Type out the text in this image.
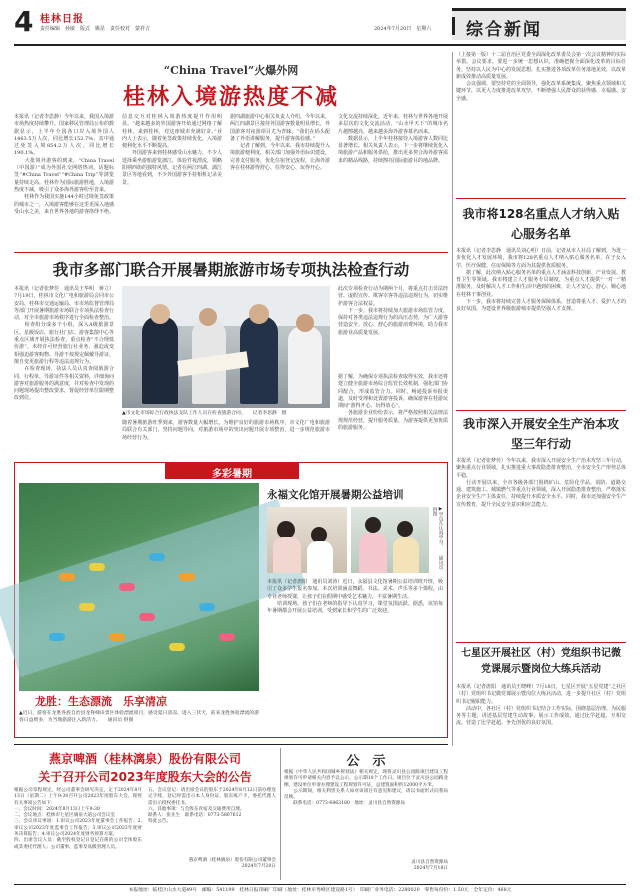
4 桂林日报
责任编辑　孙敏　版式　姚昆　责任校对　蒙祥吉	2024年7月20日　星期六 综合新闻
“China Travel”火爆外网
桂林入境游热度不减
本报讯（记者李思静）今年以来，我国入境游市场热度持续攀升。国家移民管理局公布的数据显示，上半年全国各口岸入境外国人1463.5万人次，同比增长152.7%，其中通过免签入境854.2万人次，同比增长190.1%。
　　大批境外游客的到来，“China Travel（中国游）”成为外国社交网络热词，话题标签“#China Travel”“#China Trip”等浏览量持续走高。桂林作为国际旅游胜地，入境游热度不减，吸引了众多海外游客纷至沓来。
　　桂林作为我国实施144小时过境免签政策的城市之一，入境游客能够在这里更深入地感受山水之美，来自世界各地的游客络绎不绝。
信息交互对桂林入境游热度提升作用明显。“越来越多的外国游客开始通过网络了解桂林、来到桂林，对这座城市充满好奇。”业内人士表示，随着免签政策持续优化，入境游便利化水平不断提高。
　　外国游客来到桂林感受山水魅力，不少人选择乘坐游船游览漓江，体验竹筏漂流，领略阳朔西街的独特风情。记者在两江四湖、漓江景区等地看到，不少外国游客手持相机记录美景。
据四湖旅游中心相关负责人介绍，今年以来，两江四湖景区接待外国游客数量明显增长，外国游客对夜游项目尤为青睐。“我们在码头配备了外语讲解服务，提升游客体验感。”
　　记者了解到，今年以来，我市持续提升入境旅游便利度，相关部门加强外语标识建设，完善支付服务，优化住宿登记流程，让海外游客在桂林游得舒心、住得安心、玩得开心。
文化交流持续深化。近年来，桂林与世界各地开展多层次的文化交流活动，“山水甲天下”的城市名片越擦越亮，越来越多海外游客慕名而来。
　　数据显示，上半年桂林接待入境游客人数同比显著增长。相关负责人表示，下一步将继续优化入境旅游产品和服务供给，推出更多契合海外游客需求的精品线路，持续擦亮国际旅游目的地品牌。
我市多部门联合开展暑期旅游市场专项执法检查行动
本报讯（记者张梦佳　通讯员王华明　蒋立）7月19日，桂林市文化广电和旅游局会同市公安局、桂林市交通运输局、市市场监督管理局等部门开展暑期旅游市场联合专项执法检查行动，对全市旅游市场秩序进行全面检查整治。
　　检查组分成多个小组，深入A级旅游景区、星级饭店、旅行社门店、游客集散中心等重点区域开展执法检查，重点检查“不合理低价游”、未经许可经营旅行社业务、强迫或变相强迫游客购物、导游不按规定佩戴导游证、擅自变更旅游行程等违法违规行为。
　　在检查现场，执法人员认真查阅旅游合同、行程单、导游证件等相关资料，详细询问游客对旅游服务的满意度，并对检查中发现的问题现场提出整改要求，督促经营单位限期整改到位。
▲市文化市场综合行政执法支队工作人员在检查旅游合同。　　记者李思静　摄
随着暑期旅游旺季到来，游客数量大幅增长。为维护良好的旅游市场秩序，市文化广电和旅游局联合有关部门，坚持问题导向，对旅游市场中的突出问题开展专项整治，进一步规范旅游市场经营行为。
此次专项检查行动为期两个月，将重点打击非法经营、虚假宣传、欺客宰客等违法违规行为，切实维护游客合法权益。
　　下一步，我市将持续加大旅游市场监管力度，保持对各类违法违规行为的高压态势，为广大游客营造安全、放心、舒心的旅游消费环境，助力我市旅游业高质量发展。
据了解，为确保专项执法检查取得实效，我市还将建立健全旅游市场综合监管长效机制，强化部门协同配合，形成监管合力。同时，畅通投诉举报渠道，及时受理和处置游客投诉，确保游客在桂游玩期间“游得开心、玩得放心”。
　　各旅游企业纷纷表示，将严格按照相关法律法规规范经营，提升服务质量，为游客提供更加优质的旅游服务。
多彩暑期
龙胜：生态漂流　乐享清凉
▲近日，游客在龙胜各族自治县龙脊梯田景区体验漂流项目，感受夏日清凉。进入三伏天，前来龙胜体验漂流的游客日益增多，为当地旅游注入新活力。　　通讯员 供图
永福文化馆开展暑期公益培训
▶学员在认真学习。　　通讯员 供图
本报讯（记者唐阳　通讯员刘涛）近日，永福县文化馆暑期公益培训班开班，吸引了众多学生报名参加。本次培训涵盖舞蹈、书法、美术、声乐等多个课程，由专业老师授课，让孩子们在假期中感受艺术魅力，丰富暑期生活。
　　培训现场，孩子们在老师的指导下认真学习，课堂氛围活跃。据悉，该馆每年暑期都会开展公益培训，受到家长和学生的广泛欢迎。
（上接第一版）十二届自治区党委全面深化改革委员会第一次会议精神的实际举措。会议要求，要进一步统一思想认识，准确把握全面深化改革的目标任务，坚持以人民为中心的发展思想，扎实推进各项改革任务落地见效，以改革新成效推动高质量发展。
　　会议强调，要坚持党的全面领导，强化改革系统集成，聚焦重点领域和关键环节，以更大力度推进改革攻坚，不断增强人民群众的获得感、幸福感、安全感。
我市将128名重点人才纳入贴心服务名单
本报讯（记者李思静　通讯员刘心明）日前，记者从市人社局了解到，为进一步优化人才发展环境，我市将128名重点人才纳入贴心服务名单，在子女入学、医疗保健、住房保障等方面为其提供优质服务。
　　据了解，此次纳入贴心服务名单的重点人才涵盖科技创新、产业发展、教育卫生等领域。我市将建立人才服务专员制度，为重点人才提供“一对一”精准服务，及时解决人才工作和生活中遇到的困难，让人才安心、舒心、顺心地在桂林干事创业。
　　下一步，我市将持续完善人才服务保障体系，营造尊重人才、爱护人才的良好氛围，为建设世界级旅游城市提供坚强人才支撑。
我市深入开展安全生产治本攻坚三年行动
本报讯（记者张梦佳）今年以来，我市深入开展安全生产治本攻坚三年行动，聚焦重点行业领域，扎实推进重大事故隐患排查整治，全市安全生产形势总体平稳。
　　行动开展以来，全市各级各部门围绕矿山、危险化学品、消防、道路交通、建筑施工、城镇燃气等重点行业领域，深入开展隐患排查整治，严格落实企业安全生产主体责任，持续提升本质安全水平。同时，我市还加强安全生产宣传教育，提升全民安全意识和应急能力。
七星区开展社区（村）党组织书记微党课展示暨岗位大练兵活动
本报讯（记者唐阳　通讯员王晓峰）7月18日，七星区开展“五星党建”之社区（村）党组织书记微党课展示暨岗位大练兵活动，进一步提升社区（村）党组织书记履职能力。
　　活动中，各社区（村）党组织书记结合工作实际，围绕基层治理、为民服务等主题，讲述基层党建生动故事，展示工作成效。通过比学赶超、互相交流，营造了比学赶超、争先创优的良好氛围。
燕京啤酒（桂林漓泉）股份有限公司
关于召开公司2023年度股东大会的公告
根据公司章程规定，经公司董事会研究决定，定于2024年8月13日（星期二）上午9:30召开公司2023年度股东大会。现将有关事项公告如下：
一、会议时间：2024年8月13日上午9:30
二、会议地点：桂林市七星区漓泉大道公司会议室
三、会议审议事项：1.审议公司2023年度董事会工作报告；2.审议公司2023年度监事会工作报告；3.审议公司2023年度财务决算报告；4.审议公司2024年度财务预算方案。
四、出席会议人员：截至股权登记日登记在册的公司全体股东或其委托代理人；公司董事、监事及高级管理人员。
五、会议登记：请出席会议的股东于2024年8月12日前办理登记手续，登记时需出示本人身份证、股东账户卡，委托代理人需出示授权委托书。
六、其他事项：与会股东食宿及交通费用自理。
联系人：张先生　联系电话：0773-5807612
特此公告。
燕京啤酒（桂林漓泉）股份有限公司董事会
2024年7月20日
公　示
根据《中华人民共和国城乡规划法》相关规定，现将灵川县公园路项目建设工程规划许可申请相关内容予以公示，公示期10个工作日。项目位于灵川县公园路北侧，建设单位申请办理建设工程规划许可证，总建筑面积约12000平方米。
　　公示期间，相关利害关系人如对该项目有意见和建议，请以书面形式向我局反映。
　　联系电话：0773-6863180　地址：灵川县自然资源局
灵川县自然资源局
2024年7月18日
本报地址：临桂区山水大道49号　邮编：541199　桂林日报印刷厂印刷（地址：桂林市秀峰区建设路1号）　印刷厂业务电话：2280020　零售每份价：1.50元　全年定价：468元
